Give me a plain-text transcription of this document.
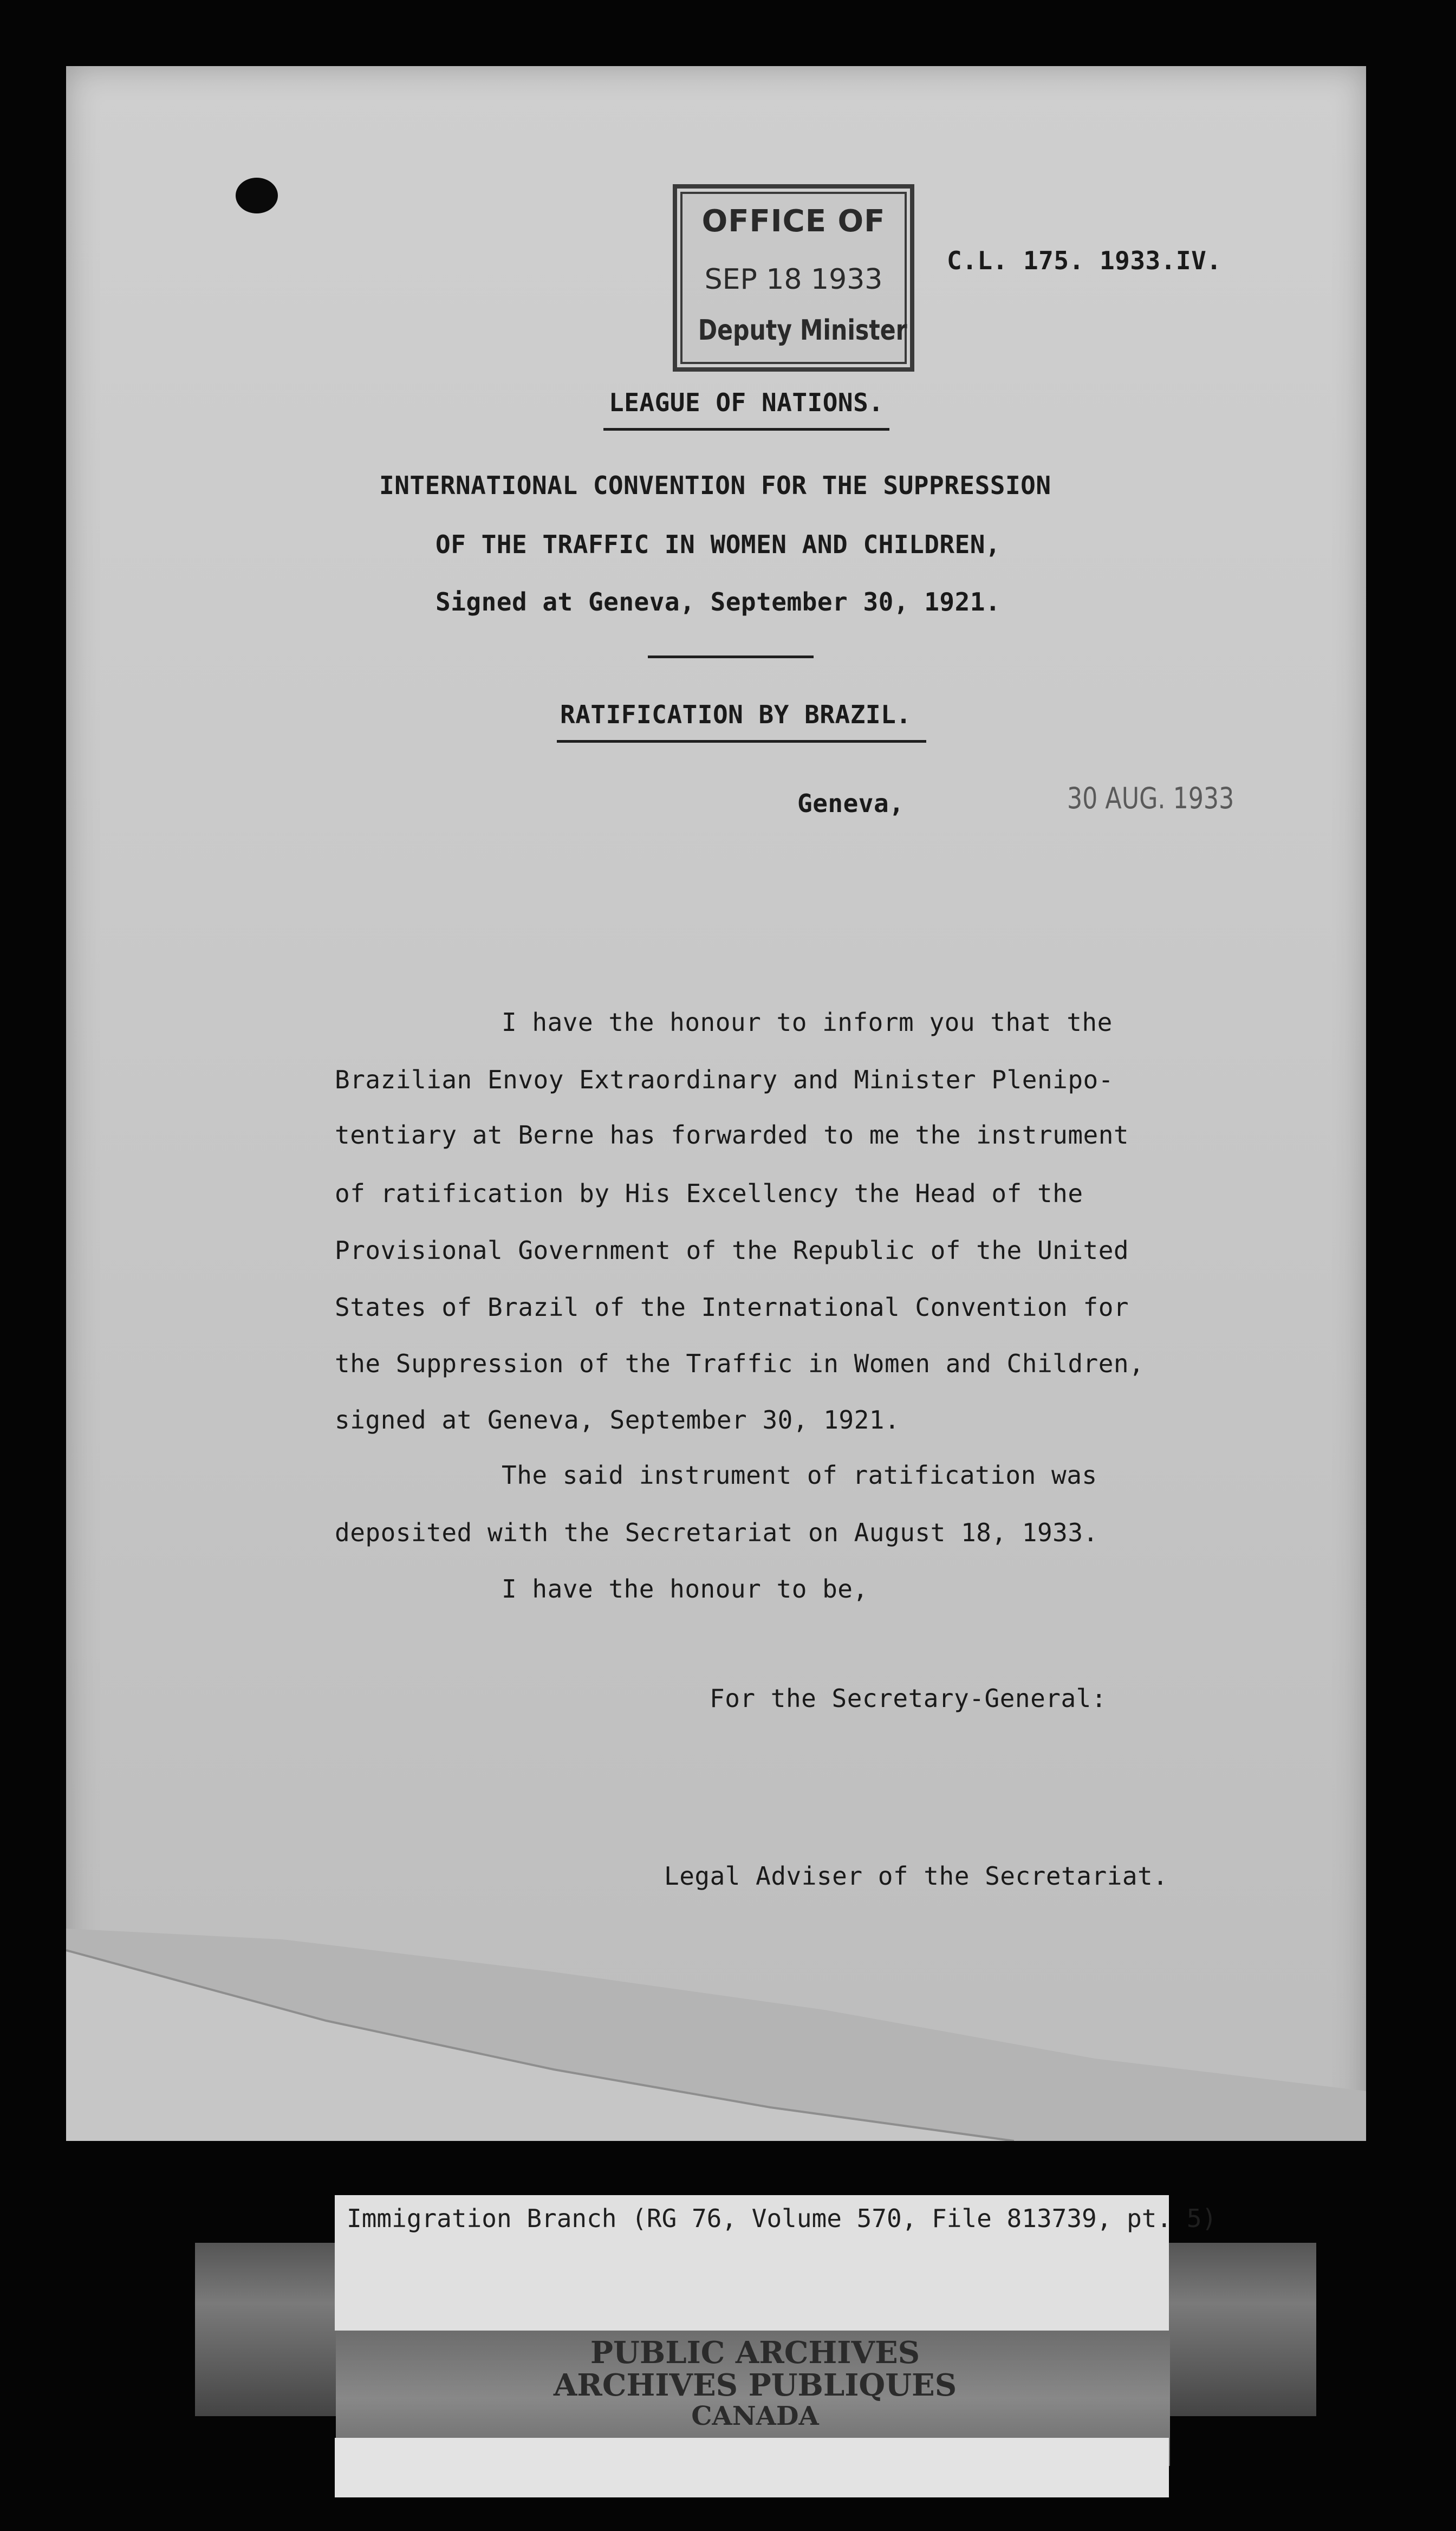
OFFICE OF
SEP 18 1933
Deputy Minister
C.L. 175. 1933.IV.
LEAGUE OF NATIONS.
INTERNATIONAL CONVENTION FOR THE SUPPRESSION
OF THE TRAFFIC IN WOMEN AND CHILDREN,
Signed at Geneva, September 30, 1921.
RATIFICATION BY BRAZIL.
Geneva,	30 AUG. 1933
I have the honour to inform you that the
Brazilian Envoy Extraordinary and Minister Plenipo-
tentiary at Berne has forwarded to me the instrument
of ratification by His Excellency the Head of the
Provisional Government of the Republic of the United
States of Brazil of the International Convention for
the Suppression of the Traffic in Women and Children,
signed at Geneva, September 30, 1921.
The said instrument of ratification was
deposited with the Secretariat on August 18, 1933.
I have the honour to be,
For the Secretary-General:
Legal Adviser of the Secretariat.
Immigration Branch (RG 76, Volume 570, File 813739, pt. 5)
PUBLIC ARCHIVES
ARCHIVES PUBLIQUES
CANADA
